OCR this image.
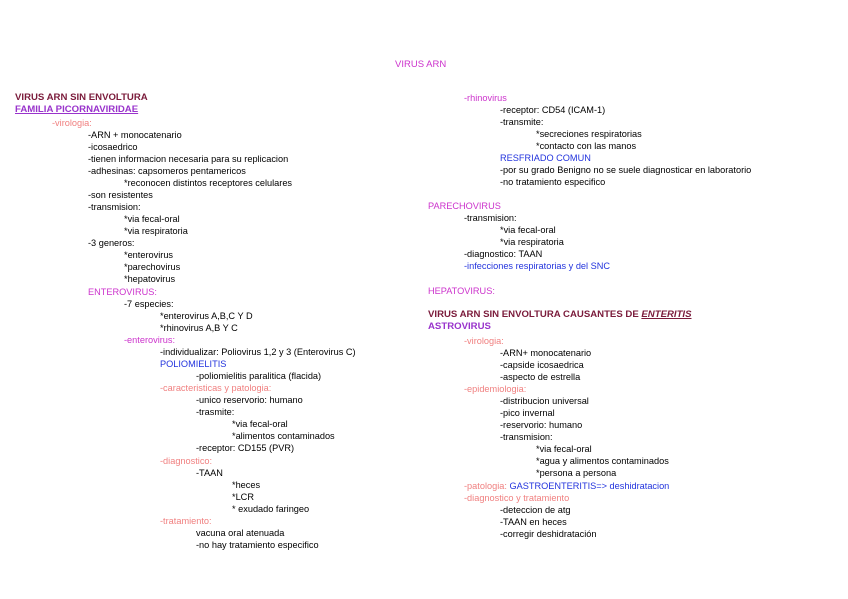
VIRUS ARN
VIRUS ARN SIN ENVOLTURA
FAMILIA PICORNAVIRIDAE
-virologia:
-ARN + monocatenario
-icosaedrico
-tienen informacion necesaria para su replicacion
-adhesinas: capsomeros pentamericos
*reconocen distintos receptores celulares
-son resistentes
-transmision:
*via fecal-oral
*via respiratoria
-3 generos:
*enterovirus
*parechovirus
*hepatovirus
ENTEROVIRUS:
-7 especies:
*enterovirus A,B,C Y D
*rhinovirus A,B Y C
-enterovirus:
-individualizar: Poliovirus 1,2 y 3 (Enterovirus C)
POLIOMIELITIS
-poliomielitis paralitica (flacida)
-caracteristicas y patologia:
-unico reservorio: humano
-trasmite:
*via fecal-oral
*alimentos contaminados
-receptor: CD155 (PVR)
-diagnostico:
-TAAN
*heces
*LCR
* exudado faringeo
-tratamiento:
vacuna oral atenuada
-no hay tratamiento especifico
-rhinovirus
-receptor: CD54 (ICAM-1)
-transmite:
*secreciones respiratorias
*contacto con las manos
RESFRIADO COMUN
-por su grado Benigno no se suele diagnosticar en laboratorio
-no tratamiento especifico
PARECHOVIRUS
-transmision:
*via fecal-oral
*via respiratoria
-diagnostico: TAAN
-infecciones respiratorias y del SNC
HEPATOVIRUS:
VIRUS ARN SIN ENVOLTURA CAUSANTES DE ENTERITIS
ASTROVIRUS
-virologia:
-ARN+ monocatenario
-capside icosaedrica
-aspecto de estrella
-epidemiologia:
-distribucion universal
-pico invernal
-reservorio: humano
-transmision:
*via fecal-oral
*agua y alimentos contaminados
*persona a persona
-patologia: GASTROENTERITIS=> deshidratacion
-diagnostico y tratamiento
-deteccion de atg
-TAAN en heces
-corregir deshidratación
